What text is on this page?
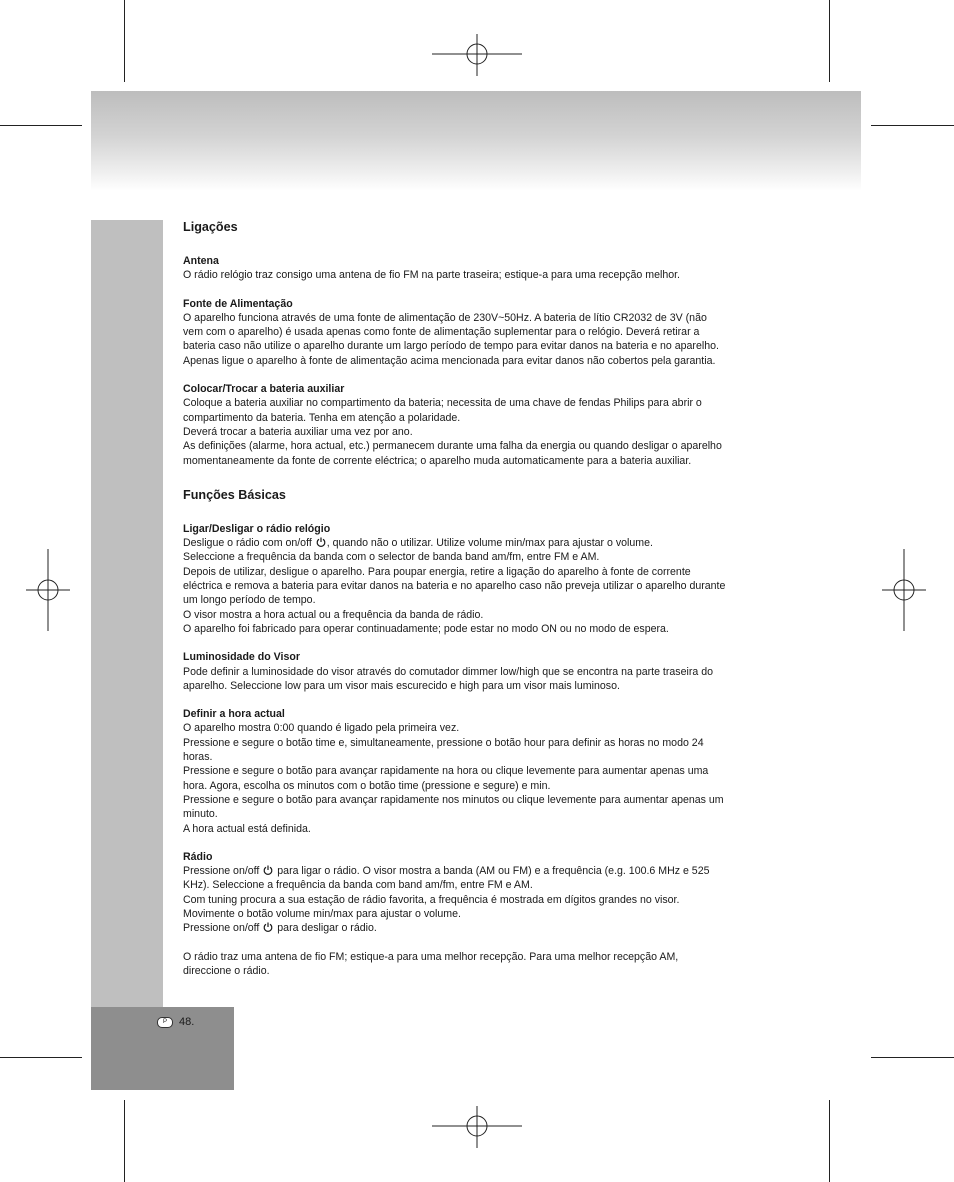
P	48.
Ligações
Antena

O rádio relógio traz consigo uma antena de fio FM na parte traseira; estique-a para uma recepção melhor.

Fonte de Alimentação

O aparelho funciona através de uma fonte de alimentação de 230V~50Hz. A bateria de lítio CR2032 de 3V (não

vem com o aparelho) é usada apenas como fonte de alimentação suplementar para o relógio. Deverá retirar a

bateria caso não utilize o aparelho durante um largo período de tempo para evitar danos na bateria e no aparelho.

Apenas ligue o aparelho à fonte de alimentação acima mencionada para evitar danos não cobertos pela garantia.

Colocar/Trocar a bateria auxiliar

Coloque a bateria auxiliar no compartimento da bateria; necessita de uma chave de fendas Philips para abrir o

compartimento da bateria. Tenha em atenção a polaridade.

Deverá trocar a bateria auxiliar uma vez por ano.

As definições (alarme, hora actual, etc.) permanecem durante uma falha da energia ou quando desligar o aparelho

momentaneamente da fonte de corrente eléctrica; o aparelho muda automaticamente para a bateria auxiliar.

Funções Básicas
Ligar/Desligar o rádio relógio

Desligue o rádio com on/off , quando não o utilizar. Utilize volume min/max para ajustar o volume.

Seleccione a frequência da banda com o selector de banda band am/fm, entre FM e AM.

Depois de utilizar, desligue o aparelho. Para poupar energia, retire a ligação do aparelho à fonte de corrente

eléctrica e remova a bateria para evitar danos na bateria e no aparelho caso não preveja utilizar o aparelho durante

um longo período de tempo.

O visor mostra a hora actual ou a frequência da banda de rádio.

O aparelho foi fabricado para operar continuadamente; pode estar no modo ON ou no modo de espera.

Luminosidade do Visor

Pode definir a luminosidade do visor através do comutador dimmer low/high que se encontra na parte traseira do

aparelho. Seleccione low para um visor mais escurecido e high para um visor mais luminoso.

Definir a hora actual

O aparelho mostra 0:00 quando é ligado pela primeira vez.

Pressione e segure o botão time e, simultaneamente, pressione o botão hour para definir as horas no modo 24

horas.

Pressione e segure o botão para avançar rapidamente na hora ou clique levemente para aumentar apenas uma

hora. Agora, escolha os minutos com o botão time (pressione e segure) e min.

Pressione e segure o botão para avançar rapidamente nos minutos ou clique levemente para aumentar apenas um

minuto.

A hora actual está definida.

Rádio

Pressione on/off para ligar o rádio. O visor mostra a banda (AM ou FM) e a frequência (e.g. 100.6 MHz e 525

KHz). Seleccione a frequência da banda com band am/fm, entre FM e AM.

Com tuning procura a sua estação de rádio favorita, a frequência é mostrada em dígitos grandes no visor.

Movimente o botão volume min/max para ajustar o volume.

Pressione on/off para desligar o rádio.

O rádio traz uma antena de fio FM; estique-a para uma melhor recepção. Para uma melhor recepção AM,

direccione o rádio.
